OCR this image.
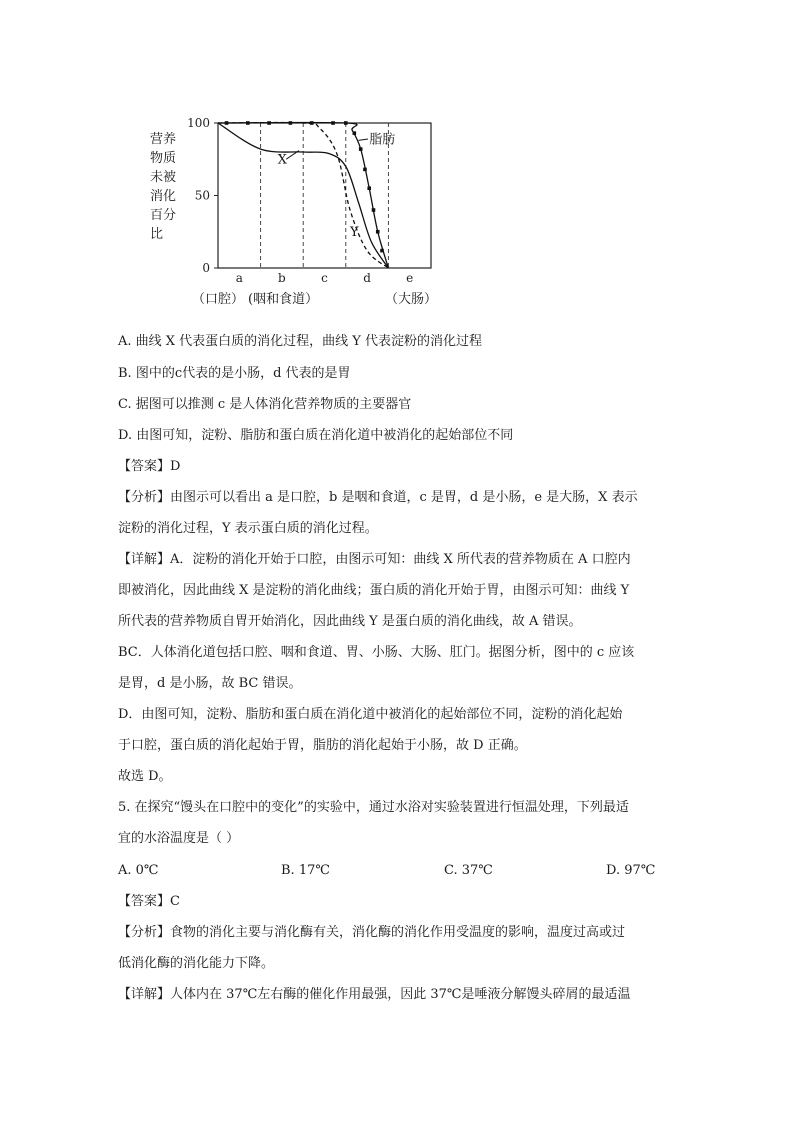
营养物质未被消化百分比
0
50
100
a	b	c	d	e
X
Y
脂肪
（口腔） (咽和食道）	（大肠）
A. 曲线 X 代表蛋白质的消化过程，曲线 Y 代表淀粉的消化过程
B. 图中的c代表的是小肠，d 代表的是胃
C. 据图可以推测 c 是人体消化营养物质的主要器官
D. 由图可知，淀粉、脂肪和蛋白质在消化道中被消化的起始部位不同
【答案】D
【分析】由图示可以看出 a 是口腔，b 是咽和食道，c 是胃，d 是小肠，e 是大肠，X 表示
淀粉的消化过程，Y 表示蛋白质的消化过程。
【详解】A．淀粉的消化开始于口腔，由图示可知：曲线 X 所代表的营养物质在 A 口腔内
即被消化，因此曲线 X 是淀粉的消化曲线；蛋白质的消化开始于胃，由图示可知：曲线 Y
所代表的营养物质自胃开始消化，因此曲线 Y 是蛋白质的消化曲线，故 A 错误。
BC．人体消化道包括口腔、咽和食道、胃、小肠、大肠、肛门。据图分析，图中的 c 应该
是胃，d 是小肠，故 BC 错误。
D．由图可知，淀粉、脂肪和蛋白质在消化道中被消化的起始部位不同，淀粉的消化起始
于口腔，蛋白质的消化起始于胃，脂肪的消化起始于小肠，故 D 正确。
故选 D。
5. 在探究“馒头在口腔中的变化”的实验中，通过水浴对实验装置进行恒温处理，下列最适
宜的水浴温度是（ ）
A. 0℃	B. 17℃	C. 37℃	D. 97℃
【答案】C
【分析】食物的消化主要与消化酶有关，消化酶的消化作用受温度的影响，温度过高或过
低消化酶的消化能力下降。
【详解】人体内在 37℃左右酶的催化作用最强，因此 37℃是唾液分解馒头碎屑的最适温
